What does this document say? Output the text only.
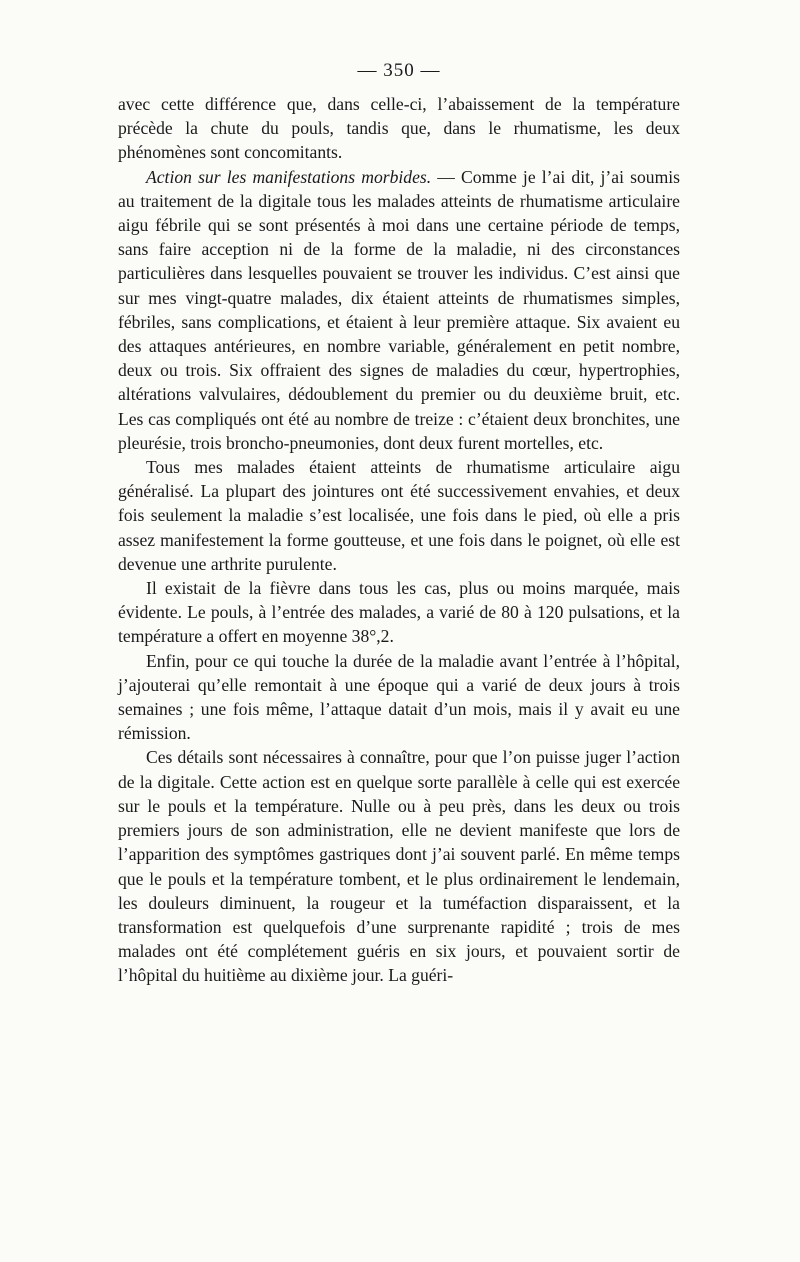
— 350 —

avec cette différence que, dans celle-ci, l’abaissement de la température précède la chute du pouls, tandis que, dans le rhumatisme, les deux phénomènes sont concomitants.

Action sur les manifestations morbides. — Comme je l’ai dit, j’ai soumis au traitement de la digitale tous les malades atteints de rhumatisme articulaire aigu fébrile qui se sont présentés à moi dans une certaine période de temps, sans faire acception ni de la forme de la maladie, ni des circonstances particulières dans lesquelles pouvaient se trouver les individus. C’est ainsi que sur mes vingt-quatre malades, dix étaient atteints de rhumatismes simples, fébriles, sans complications, et étaient à leur première attaque. Six avaient eu des attaques antérieures, en nombre variable, généralement en petit nombre, deux ou trois. Six offraient des signes de maladies du cœur, hypertrophies, altérations valvulaires, dédoublement du premier ou du deuxième bruit, etc. Les cas compliqués ont été au nombre de treize : c’étaient deux bronchites, une pleurésie, trois broncho-pneumonies, dont deux furent mortelles, etc.

Tous mes malades étaient atteints de rhumatisme articulaire aigu généralisé. La plupart des jointures ont été successivement envahies, et deux fois seulement la maladie s’est localisée, une fois dans le pied, où elle a pris assez manifestement la forme goutteuse, et une fois dans le poignet, où elle est devenue une arthrite purulente.

Il existait de la fièvre dans tous les cas, plus ou moins marquée, mais évidente. Le pouls, à l’entrée des malades, a varié de 80 à 120 pulsations, et la température a offert en moyenne 38°,2.

Enfin, pour ce qui touche la durée de la maladie avant l’entrée à l’hôpital, j’ajouterai qu’elle remontait à une époque qui a varié de deux jours à trois semaines ; une fois même, l’attaque datait d’un mois, mais il y avait eu une rémission.

Ces détails sont nécessaires à connaître, pour que l’on puisse juger l’action de la digitale. Cette action est en quelque sorte parallèle à celle qui est exercée sur le pouls et la température. Nulle ou à peu près, dans les deux ou trois premiers jours de son administration, elle ne devient manifeste que lors de l’apparition des symptômes gastriques dont j’ai souvent parlé. En même temps que le pouls et la température tombent, et le plus ordinairement le lendemain, les douleurs diminuent, la rougeur et la tuméfaction disparaissent, et la transformation est quelquefois d’une surprenante rapidité ; trois de mes malades ont été complétement guéris en six jours, et pouvaient sortir de l’hôpital du huitième au dixième jour. La guéri-
